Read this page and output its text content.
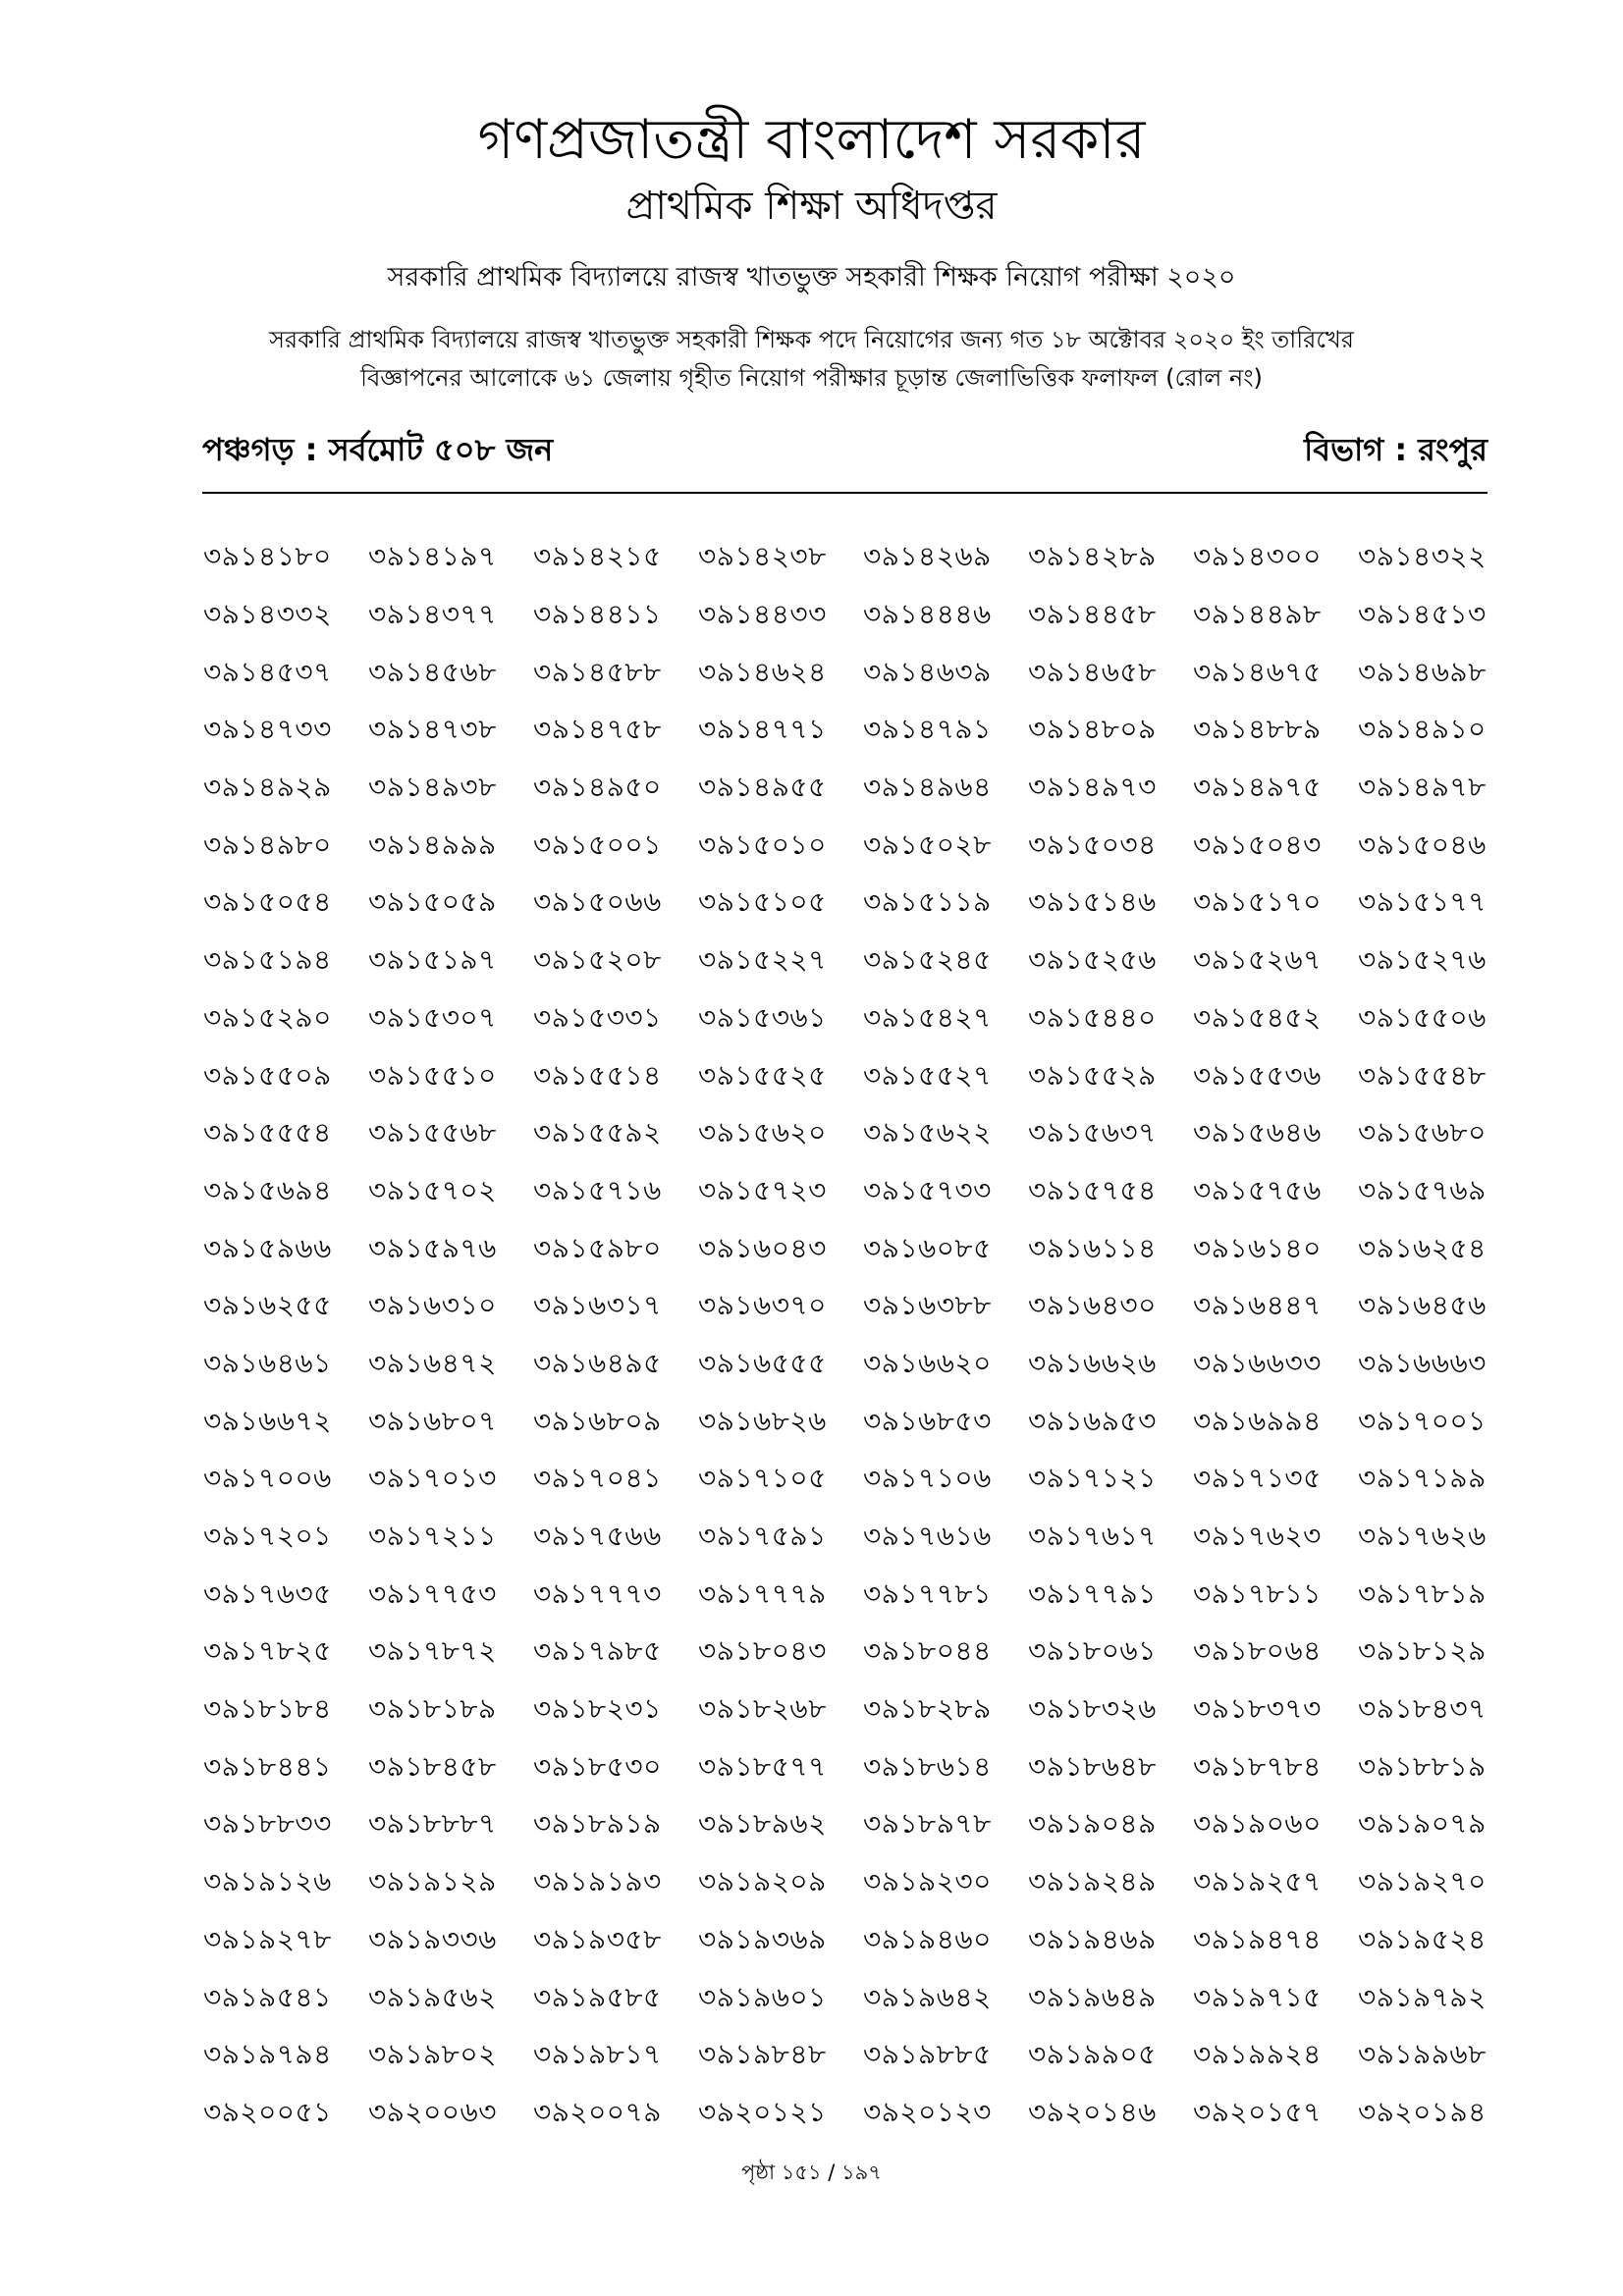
গণপ্রজাতন্ত্রী বাংলাদেশ সরকার
প্রাথমিক শিক্ষা অধিদপ্তর
সরকারি প্রাথমিক বিদ্যালয়ে রাজস্ব খাতভুক্ত সহকারী শিক্ষক নিয়োগ পরীক্ষা ২০২০
সরকারি প্রাথমিক বিদ্যালয়ে রাজস্ব খাতভুক্ত সহকারী শিক্ষক পদে নিয়োগের জন্য গত ১৮ অক্টোবর ২০২০ ইং তারিখের
বিজ্ঞাপনের আলোকে ৬১ জেলায় গৃহীত নিয়োগ পরীক্ষার চূড়ান্ত জেলাভিত্তিক ফলাফল (রোল নং)
পঞ্চগড় : সর্বমোট ৫০৮ জন	বিভাগ : রংপুর
৩৯১৪১৮০	৩৯১৪১৯৭	৩৯১৪২১৫	৩৯১৪২৩৮	৩৯১৪২৬৯	৩৯১৪২৮৯	৩৯১৪৩০০	৩৯১৪৩২২
৩৯১৪৩৩২	৩৯১৪৩৭৭	৩৯১৪৪১১	৩৯১৪৪৩৩	৩৯১৪৪৪৬	৩৯১৪৪৫৮	৩৯১৪৪৯৮	৩৯১৪৫১৩
৩৯১৪৫৩৭	৩৯১৪৫৬৮	৩৯১৪৫৮৮	৩৯১৪৬২৪	৩৯১৪৬৩৯	৩৯১৪৬৫৮	৩৯১৪৬৭৫	৩৯১৪৬৯৮
৩৯১৪৭৩৩	৩৯১৪৭৩৮	৩৯১৪৭৫৮	৩৯১৪৭৭১	৩৯১৪৭৯১	৩৯১৪৮০৯	৩৯১৪৮৮৯	৩৯১৪৯১০
৩৯১৪৯২৯	৩৯১৪৯৩৮	৩৯১৪৯৫০	৩৯১৪৯৫৫	৩৯১৪৯৬৪	৩৯১৪৯৭৩	৩৯১৪৯৭৫	৩৯১৪৯৭৮
৩৯১৪৯৮০	৩৯১৪৯৯৯	৩৯১৫০০১	৩৯১৫০১০	৩৯১৫০২৮	৩৯১৫০৩৪	৩৯১৫০৪৩	৩৯১৫০৪৬
৩৯১৫০৫৪	৩৯১৫০৫৯	৩৯১৫০৬৬	৩৯১৫১০৫	৩৯১৫১১৯	৩৯১৫১৪৬	৩৯১৫১৭০	৩৯১৫১৭৭
৩৯১৫১৯৪	৩৯১৫১৯৭	৩৯১৫২০৮	৩৯১৫২২৭	৩৯১৫২৪৫	৩৯১৫২৫৬	৩৯১৫২৬৭	৩৯১৫২৭৬
৩৯১৫২৯০	৩৯১৫৩০৭	৩৯১৫৩৩১	৩৯১৫৩৬১	৩৯১৫৪২৭	৩৯১৫৪৪০	৩৯১৫৪৫২	৩৯১৫৫০৬
৩৯১৫৫০৯	৩৯১৫৫১০	৩৯১৫৫১৪	৩৯১৫৫২৫	৩৯১৫৫২৭	৩৯১৫৫২৯	৩৯১৫৫৩৬	৩৯১৫৫৪৮
৩৯১৫৫৫৪	৩৯১৫৫৬৮	৩৯১৫৫৯২	৩৯১৫৬২০	৩৯১৫৬২২	৩৯১৫৬৩৭	৩৯১৫৬৪৬	৩৯১৫৬৮০
৩৯১৫৬৯৪	৩৯১৫৭০২	৩৯১৫৭১৬	৩৯১৫৭২৩	৩৯১৫৭৩৩	৩৯১৫৭৫৪	৩৯১৫৭৫৬	৩৯১৫৭৬৯
৩৯১৫৯৬৬	৩৯১৫৯৭৬	৩৯১৫৯৮০	৩৯১৬০৪৩	৩৯১৬০৮৫	৩৯১৬১১৪	৩৯১৬১৪০	৩৯১৬২৫৪
৩৯১৬২৫৫	৩৯১৬৩১০	৩৯১৬৩১৭	৩৯১৬৩৭০	৩৯১৬৩৮৮	৩৯১৬৪৩০	৩৯১৬৪৪৭	৩৯১৬৪৫৬
৩৯১৬৪৬১	৩৯১৬৪৭২	৩৯১৬৪৯৫	৩৯১৬৫৫৫	৩৯১৬৬২০	৩৯১৬৬২৬	৩৯১৬৬৩৩	৩৯১৬৬৬৩
৩৯১৬৬৭২	৩৯১৬৮০৭	৩৯১৬৮০৯	৩৯১৬৮২৬	৩৯১৬৮৫৩	৩৯১৬৯৫৩	৩৯১৬৯৯৪	৩৯১৭০০১
৩৯১৭০০৬	৩৯১৭০১৩	৩৯১৭০৪১	৩৯১৭১০৫	৩৯১৭১০৬	৩৯১৭১২১	৩৯১৭১৩৫	৩৯১৭১৯৯
৩৯১৭২০১	৩৯১৭২১১	৩৯১৭৫৬৬	৩৯১৭৫৯১	৩৯১৭৬১৬	৩৯১৭৬১৭	৩৯১৭৬২৩	৩৯১৭৬২৬
৩৯১৭৬৩৫	৩৯১৭৭৫৩	৩৯১৭৭৭৩	৩৯১৭৭৭৯	৩৯১৭৭৮১	৩৯১৭৭৯১	৩৯১৭৮১১	৩৯১৭৮১৯
৩৯১৭৮২৫	৩৯১৭৮৭২	৩৯১৭৯৮৫	৩৯১৮০৪৩	৩৯১৮০৪৪	৩৯১৮০৬১	৩৯১৮০৬৪	৩৯১৮১২৯
৩৯১৮১৮৪	৩৯১৮১৮৯	৩৯১৮২৩১	৩৯১৮২৬৮	৩৯১৮২৮৯	৩৯১৮৩২৬	৩৯১৮৩৭৩	৩৯১৮৪৩৭
৩৯১৮৪৪১	৩৯১৮৪৫৮	৩৯১৮৫৩০	৩৯১৮৫৭৭	৩৯১৮৬১৪	৩৯১৮৬৪৮	৩৯১৮৭৮৪	৩৯১৮৮১৯
৩৯১৮৮৩৩	৩৯১৮৮৮৭	৩৯১৮৯১৯	৩৯১৮৯৬২	৩৯১৮৯৭৮	৩৯১৯০৪৯	৩৯১৯০৬০	৩৯১৯০৭৯
৩৯১৯১২৬	৩৯১৯১২৯	৩৯১৯১৯৩	৩৯১৯২০৯	৩৯১৯২৩০	৩৯১৯২৪৯	৩৯১৯২৫৭	৩৯১৯২৭০
৩৯১৯২৭৮	৩৯১৯৩৩৬	৩৯১৯৩৫৮	৩৯১৯৩৬৯	৩৯১৯৪৬০	৩৯১৯৪৬৯	৩৯১৯৪৭৪	৩৯১৯৫২৪
৩৯১৯৫৪১	৩৯১৯৫৬২	৩৯১৯৫৮৫	৩৯১৯৬০১	৩৯১৯৬৪২	৩৯১৯৬৪৯	৩৯১৯৭১৫	৩৯১৯৭৯২
৩৯১৯৭৯৪	৩৯১৯৮০২	৩৯১৯৮১৭	৩৯১৯৮৪৮	৩৯১৯৮৮৫	৩৯১৯৯০৫	৩৯১৯৯২৪	৩৯১৯৯৬৮
৩৯২০০৫১	৩৯২০০৬৩	৩৯২০০৭৯	৩৯২০১২১	৩৯২০১২৩	৩৯২০১৪৬	৩৯২০১৫৭	৩৯২০১৯৪
পৃষ্ঠা ১৫১ / ১৯৭
